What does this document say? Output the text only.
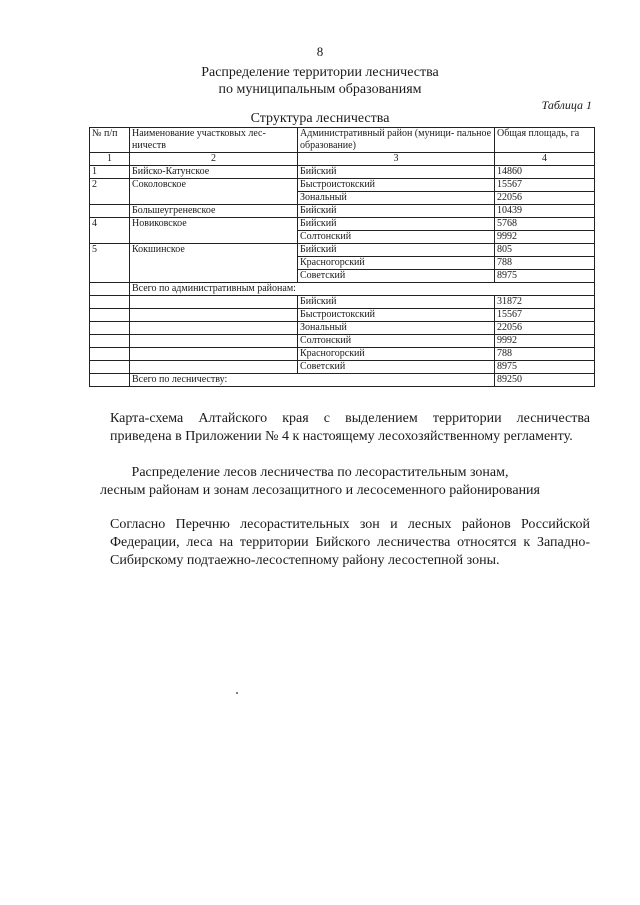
8
Распределение территории лесничества
по муниципальным образованиям
Таблица 1
Структура лесничества
№ п/п	Наименование участковых лес- ничеств	Административный район (муници- пальное образование)	Общая площадь, га
1	2	3	4
1	Бийско-Катунское	Бийский	14860
2	Соколовское	Быстроистокский	15567
		Зональный	22056
	Большеугреневское	Бийский	10439
4	Новиковское	Бийский	5768
		Солтонский	9992
5	Кокшинское	Бийский	805
		Красногорский	788
		Советский	8975
	Всего по административным районам:		
		Бийский	31872
		Быстроистокский	15567
		Зональный	22056
		Солтонский	9992
		Красногорский	788
		Советский	8975
	Всего по лесничеству:		89250
Карта-схема Алтайского края с выделением территории лесничества
приведена в Приложении № 4 к настоящему лесохозяйственному регламенту.
Распределение лесов лесничества по лесорастительным зонам,
лесным районам и зонам лесозащитного и лесосеменного районирования
Согласно Перечню лесорастительных зон и лесных районов Российской
Федерации, леса на территории Бийского лесничества относятся к Западно-
Сибирскому подтаежно-лесостепному району лесостепной зоны.
